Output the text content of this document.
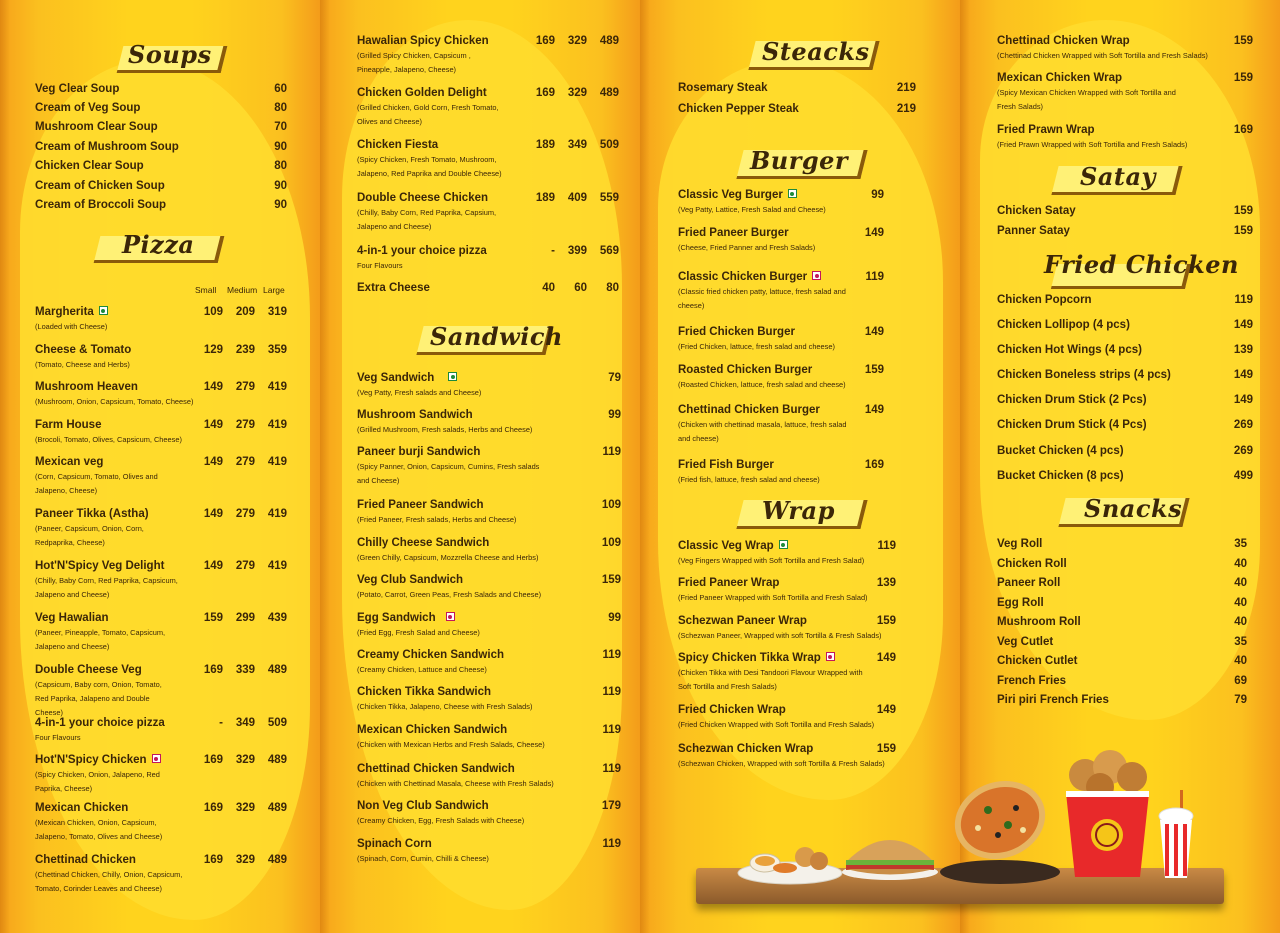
Soups
Veg Clear Soup	60
Cream of Veg Soup	80
Mushroom Clear Soup	70
Cream of Mushroom Soup	90
Chicken Clear Soup	80
Cream of Chicken Soup	90
Cream of Broccoli Soup	90
Pizza
Small Medium Large
Margherita
(Loaded with Cheese)
109	209	319
Cheese & Tomato
(Tomato, Cheese and Herbs)
129	239	359
Mushroom Heaven
(Mushroom, Onion, Capsicum, Tomato, Cheese)
149	279	419
Farm House
(Brocoli, Tomato, Olives, Capsicum, Cheese)
149	279	419
Mexican veg
(Corn, Capsicum, Tomato, Olives and Jalapeno, Cheese)
149	279	419
Paneer Tikka (Astha)
(Paneer, Capsicum, Onion, Corn, Redpaprika, Cheese)
149	279	419
Hot'N'Spicy Veg Delight
(Chilly, Baby Corn, Red Paprika, Capsicum, Jalapeno and Cheese)
149	279	419
Veg Hawalian
(Paneer, Pineapple, Tomato, Capsicum, Jalapeno and Cheese)
159	299	439
Double Cheese Veg
(Capsicum, Baby corn, Onion, Tomato, Red Paprika, Jalapeno and Double Cheese)
169	339	489
4-in-1 your choice pizza
Four Flavours
-	349	509
Hot'N'Spicy Chicken
(Spicy Chicken, Onion, Jalapeno, Red Paprika, Cheese)
169	329	489
Mexican Chicken
(Mexican Chicken, Onion, Capsicum, Jalapeno, Tomato, Olives and Cheese)
169	329	489
Chettinad Chicken
(Chettinad Chicken, Chilly, Onion, Capsicum, Tomato, Corinder Leaves and Cheese)
169	329	489
Hawalian Spicy Chicken
(Grilled Spicy Chicken, Capsicum , Pineapple, Jalapeno, Cheese)
169	329	489
Chicken Golden Delight
(Grilled Chicken, Gold Corn, Fresh Tomato, Olives and Cheese)
169	329	489
Chicken Fiesta
(Spicy Chicken, Fresh Tomato, Mushroom, Jalapeno, Red Paprika and Double Cheese)
189	349	509
Double Cheese Chicken
(Chilly, Baby Corn, Red Paprika, Capsium, Jalapeno and Cheese)
189	409	559
4-in-1 your choice pizza
Four Flavours
-	399	569
Extra Cheese	40	60	80
Sandwich
Veg Sandwich
(Veg Patty, Fresh salads and Cheese)
79
Mushroom Sandwich
(Grilled Mushroom, Fresh salads, Herbs and Cheese)
99
Paneer burji Sandwich
(Spicy Panner, Onion, Capsicum, Cumins, Fresh salads and Cheese)
119
Fried Paneer Sandwich
(Fried Paneer, Fresh salads, Herbs and Cheese)
109
Chilly Cheese Sandwich
(Green Chilly, Capsicum, Mozzrella Cheese and Herbs)
109
Veg Club Sandwich
(Potato, Carrot, Green Peas, Fresh Salads and Cheese)
159
Egg Sandwich
(Fried Egg, Fresh Salad and Cheese)
99
Creamy Chicken Sandwich
(Creamy Chicken, Lattuce and Cheese)
119
Chicken Tikka Sandwich
(Chicken Tikka, Jalapeno, Cheese with Fresh Salads)
119
Mexican Chicken Sandwich
(Chicken with Mexican Herbs and Fresh Salads, Cheese)
119
Chettinad Chicken Sandwich
(Chicken with Chettinad Masala, Cheese with Fresh Salads)
119
Non Veg Club Sandwich
(Creamy Chicken, Egg, Fresh Salads with Cheese)
179
Spinach Corn
(Spinach, Corn, Cumin, Chilli & Cheese)
119
Steacks
Rosemary Steak	219
Chicken Pepper Steak	219
Burger
Classic Veg Burger
(Veg Patty, Lattice, Fresh Salad and Cheese)
99
Fried Paneer Burger
(Cheese, Fried Panner and Fresh Salads)
149
Classic Chicken Burger
(Classic fried chicken patty, lattuce, fresh salad and cheese)
119
Fried Chicken Burger
(Fried Chicken, lattuce, fresh salad and cheese)
149
Roasted Chicken Burger
(Roasted Chicken, lattuce, fresh salad and cheese)
159
Chettinad Chicken Burger
(Chicken with chettinad masala, lattuce, fresh salad and cheese)
149
Fried Fish Burger
(Fried fish, lattuce, fresh salad and cheese)
169
Wrap
Classic Veg Wrap
(Veg Fingers Wrapped with Soft Tortilla and Fresh Salad)
119
Fried Paneer Wrap
(Fried Paneer Wrapped with Soft Tortilla and Fresh Salad)
139
Schezwan Paneer Wrap
(Schezwan Paneer, Wrapped with soft Tortilla & Fresh Salads)
159
Spicy Chicken Tikka Wrap
(Chicken Tikka with Desi Tandoori Flavour Wrapped with Soft Tortilla and Fresh Salads)
149
Fried Chicken Wrap
(Fried Chicken Wrapped with Soft Tortilla and Fresh Salads)
149
Schezwan Chicken Wrap
(Schezwan Chicken, Wrapped with soft Tortilla & Fresh Salads)
159
Chettinad Chicken Wrap
(Chettinad Chicken Wrapped with Soft Tortilla and Fresh Salads)
159
Mexican Chicken Wrap
(Spicy Mexican Chicken Wrapped with Soft Tortilla and Fresh Salads)
159
Fried Prawn Wrap
(Fried Prawn Wrapped with Soft Tortilla and Fresh Salads)
169
Satay
Chicken Satay	159
Panner Satay	159
Fried Chicken
Chicken Popcorn	119
Chicken Lollipop (4 pcs)	149
Chicken Hot Wings (4 pcs)	139
Chicken Boneless strips (4 pcs)	149
Chicken Drum Stick (2 Pcs)	149
Chicken Drum Stick (4 Pcs)	269
Bucket Chicken (4 pcs)	269
Bucket Chicken (8 pcs)	499
Snacks
Veg Roll	35
Chicken Roll	40
Paneer Roll	40
Egg Roll	40
Mushroom Roll	40
Veg Cutlet	35
Chicken Cutlet	40
French Fries	69
Piri piri French Fries	79
